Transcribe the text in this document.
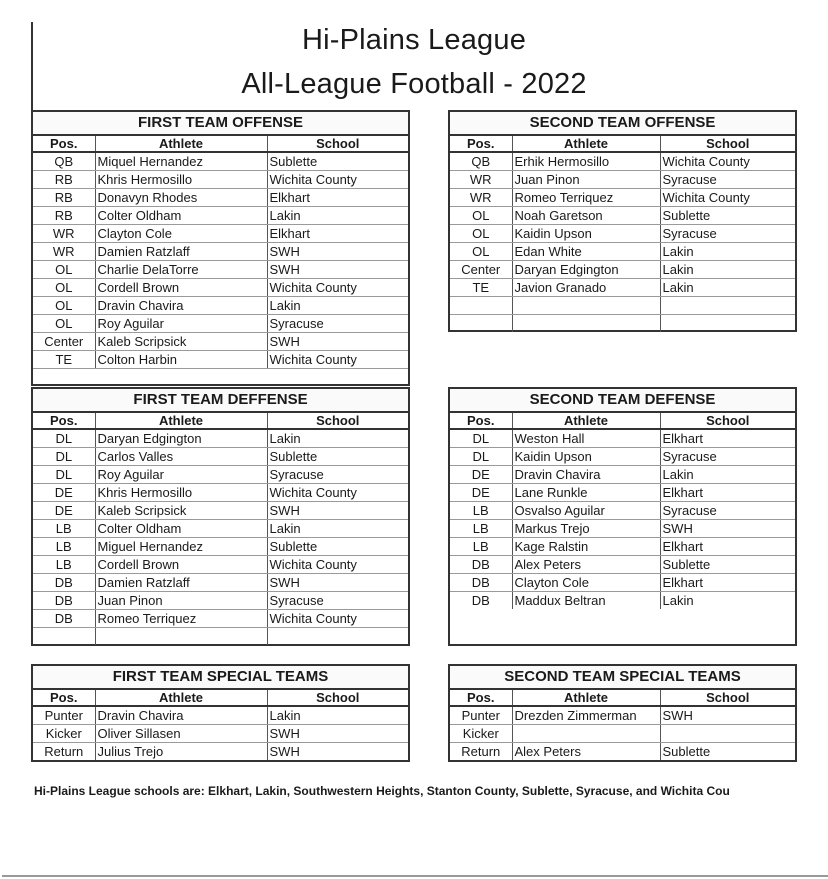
Hi-Plains League
All-League Football - 2022
FIRST TEAM OFFENSE
Pos.	Athlete	School
QB	Miquel Hernandez	Sublette
RB	Khris Hermosillo	Wichita County
RB	Donavyn Rhodes	Elkhart
RB	Colter Oldham	Lakin
WR	Clayton Cole	Elkhart
WR	Damien Ratzlaff	SWH
OL	Charlie DelaTorre	SWH
OL	Cordell Brown	Wichita County
OL	Dravin Chavira	Lakin
OL	Roy Aguilar	Syracuse
Center	Kaleb Scripsick	SWH
TE	Colton Harbin	Wichita County

SECOND TEAM OFFENSE
Pos.	Athlete	School
QB	Erhik Hermosillo	Wichita County
WR	Juan Pinon	Syracuse
WR	Romeo Terriquez	Wichita County
OL	Noah Garetson	Sublette
OL	Kaidin Upson	Syracuse
OL	Edan White	Lakin
Center	Daryan Edgington	Lakin
TE	Javion Granado	Lakin

FIRST TEAM DEFFENSE
Pos.	Athlete	School
DL	Daryan Edgington	Lakin
DL	Carlos Valles	Sublette
DL	Roy Aguilar	Syracuse
DE	Khris Hermosillo	Wichita County
DE	Kaleb Scripsick	SWH
LB	Colter Oldham	Lakin
LB	Miguel Hernandez	Sublette
LB	Cordell Brown	Wichita County
DB	Damien Ratzlaff	SWH
DB	Juan Pinon	Syracuse
DB	Romeo Terriquez	Wichita County

SECOND TEAM DEFENSE
Pos.	Athlete	School
DL	Weston Hall	Elkhart
DL	Kaidin Upson	Syracuse
DE	Dravin Chavira	Lakin
DE	Lane Runkle	Elkhart
LB	Osvalso Aguilar	Syracuse
LB	Markus Trejo	SWH
LB	Kage Ralstin	Elkhart
DB	Alex Peters	Sublette
DB	Clayton Cole	Elkhart
DB	Maddux Beltran	Lakin
FIRST TEAM SPECIAL TEAMS
Pos.	Athlete	School
Punter	Dravin Chavira	Lakin
Kicker	Oliver Sillasen	SWH
Return	Julius Trejo	SWH
SECOND TEAM SPECIAL TEAMS
Pos.	Athlete	School
Punter	Drezden Zimmerman	SWH
Kicker		
Return	Alex Peters	Sublette
Hi-Plains League schools are: Elkhart, Lakin, Southwestern Heights, Stanton County, Sublette, Syracuse, and Wichita Cou
